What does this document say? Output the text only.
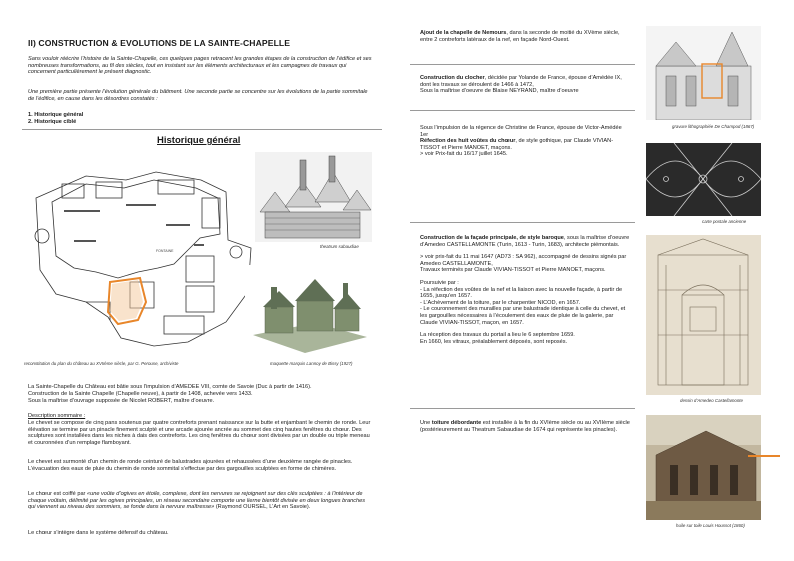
II) CONSTRUCTION & EVOLUTIONS DE LA SAINTE-CHAPELLE

Sans vouloir réécrire l’histoire de la Sainte-Chapelle, ces quelques pages retracent les grandes étapes de la construction de l’édifice et ses nombreuses transformations, au fil des siècles, tout en insistant sur les éléments architecturaux et les campagnes de travaux qui concernent particulièrement le présent diagnostic.

Une première partie présente l’évolution générale du bâtiment. Une seconde partie se concentre sur les évolutions de la partie sommitale de l’édifice, en cause dans les désordres constatés :

1. Historique général

2. Historique ciblé

Historique général
FONTAINE
theatrum sabaudiae
reconstitution du plan du château au XVIIème siècle, par G. Perouse, archiviste	maquette marquis Lannoy de Bissy (1927)

La Sainte-Chapelle du Château est bâtie sous l’impulsion d’AMEDEE VIII, comte de Savoie (Duc à partir de 1416).

Construction de la Sainte Chapelle (Chapelle neuve), à partir de 1408, achevée vers 1433.

Sous la maîtrise d’ouvrage supposée de Nicolet ROBERT, maître d’oeuvre.

Description sommaire :

Le chevet se compose de cinq pans soutenus par quatre contreforts prenant naissance sur la butte et enjambant le chemin de ronde. Leur élévation se termine par un pinacle finement sculpté et une arcade ajourée ancrée au sommet des cinq hautes fenêtres du chœur. Des sculptures sont installées dans les niches à dais des contreforts. Les cinq fenêtres du chœur sont divisées par un double ou triple meneau et couronnées d’un remplage flamboyant.

Le chevet est surmonté d’un chemin de ronde ceinturé de balustrades ajourées et rehaussées d’une deuxième rangée de pinacles. L’évacuation des eaux de pluie du chemin de ronde sommital s’effectue par des gargouilles sculptées en forme de chimères.

Le chœur est coiffé par «une voûte d’ogives en étoile, complexe, dont les nervures se rejoignent sur des clés sculptées : à l’intérieur de chaque voûtain, délimité par les ogives principales, un réseau secondaire comporte une lierne bientôt divisée en deux longues branches qui viennent au niveau des sommiers, se fonde dans la nervure maîtresse» (Raymond OURSEL, L’Art en Savoie).

Le chœur s’intègre dans le système défensif du château.

Ajout de la chapelle de Nemours, dans la seconde de moitié du XVème siècle, entre 2 contreforts latéraux de la nef, en façade Nord-Ouest.

Construction du clocher, décidée par Yolande de France, épouse d’Amédée IX, dont les travaux se déroulent de 1466 à 1472,
Sous la maîtrise d’oeuvre de Blaise NEYRAND, maître d’oeuvre

Sous l’impulsion de la régence de Christine de France, épouse de Victor-Amédée 1er
Réfection des huit voûtes du chœur, de style gothique, par Claude VIVIAN-TISSOT et Pierre MANOET, maçons.
> voir Prix-fait du 16/17 juillet 1645.

Construction de la façade principale, de style baroque, sous la maîtrise d’oeuvre d’Amedeo CASTELLAMONTE (Turin, 1613 - Turin, 1683), architecte piémontais.

> voir prix-fait du 11 mai 1647 (AD73 : SA 962), accompagné de dessins signés par Amedeo CASTELLAMONTE,

Travaux terminés par Claude VIVIAN-TISSOT et Pierre MANOET, maçons.

Poursuivie par :

- La réfection des voûtes de la nef et la liaison avec la nouvelle façade, à partir de 1655, jusqu’en 1657.

- L’Achèvement de la toiture, par le charpentier NICOD, en 1657.

- Le couronnement des murailles par une balustrade identique à celle du chevet, et les gargouilles nécessaires à l’écoulement des eaux de pluie de la galerie, par Claude VIVIAN-TISSOT, maçon, en 1657.

La réception des travaux du portail a lieu le 6 septembre 1659.

En 1660, les vitraux, préalablement déposés, sont reposés.

Une toiture débordante est installée à la fin du XVIème siècle ou au XVIIème siècle (postérieurement au Theatrum Sabaudiae de 1674 qui représente les pinacles).

gravure lithographiée De Champod (1867)
carte postale ancienne
dessin d’Amedeo Castellamonte
huile sur toile Louis Houssot (1860)
